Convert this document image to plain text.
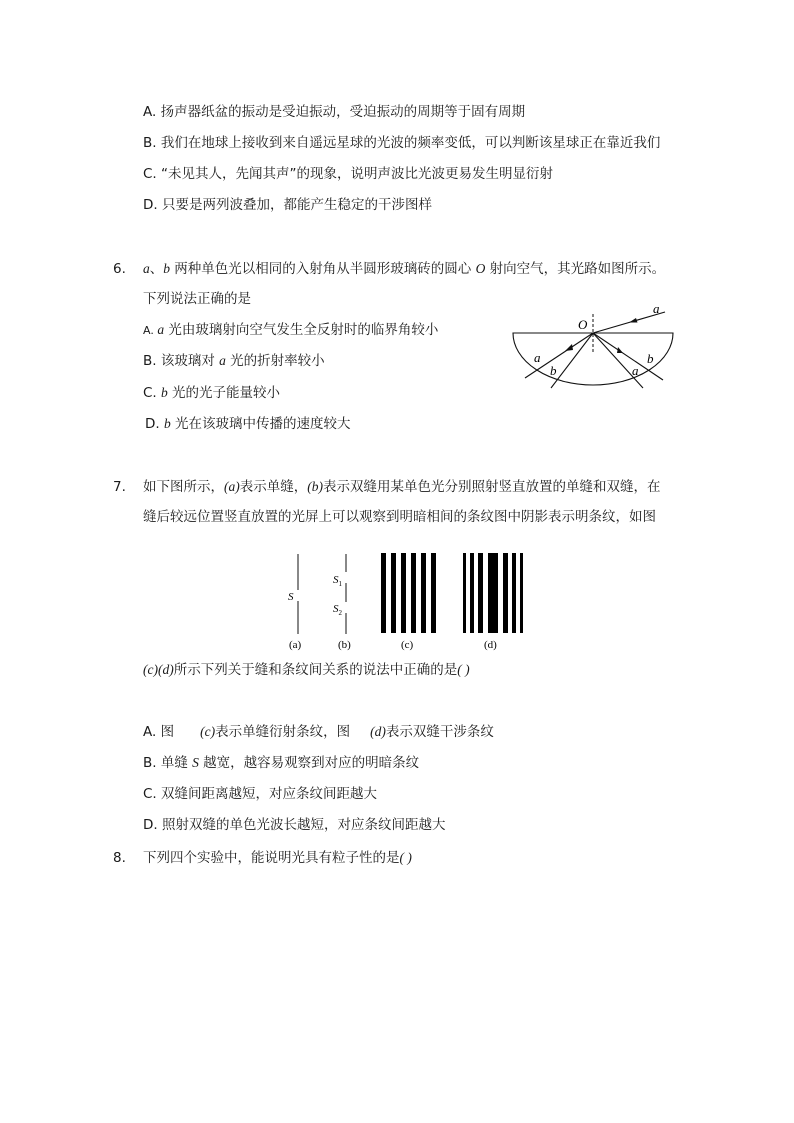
A. 扬声器纸盆的振动是受迫振动，受迫振动的周期等于固有周期
B. 我们在地球上接收到来自遥远星球的光波的频率变低，可以判断该星球正在靠近我们
C. “未见其人，先闻其声”的现象，说明声波比光波更易发生明显衍射
D. 只要是两列波叠加，都能产生稳定的干涉图样
6. a、b 两种单色光以相同的入射角从半圆形玻璃砖的圆心 O 射向空气，其光路如图所示。
下列说法正确的是
A. a 光由玻璃射向空气发生全反射时的临界角较小
B. 该玻璃对 a 光的折射率较小
C. b 光的光子能量较小
D. b 光在该玻璃中传播的速度较大
O
a
a
b
b
a
7. 如下图所示，(a)表示单缝，(b)表示双缝用某单色光分别照射竖直放置的单缝和双缝，在
缝后较远位置竖直放置的光屏上可以观察到明暗相间的条纹图中阴影表示明条纹，如图
S
$S_1$
$S_2$
(a)	(b)	(c)	(d)
(c)(d)所示下列关于缝和条纹间关系的说法中正确的是( )
A. 图 (c)表示单缝衍射条纹，图 (d)表示双缝干涉条纹
B. 单缝 S 越宽，越容易观察到对应的明暗条纹
C. 双缝间距离越短，对应条纹间距越大
D. 照射双缝的单色光波长越短，对应条纹间距越大
8. 下列四个实验中，能说明光具有粒子性的是( )
